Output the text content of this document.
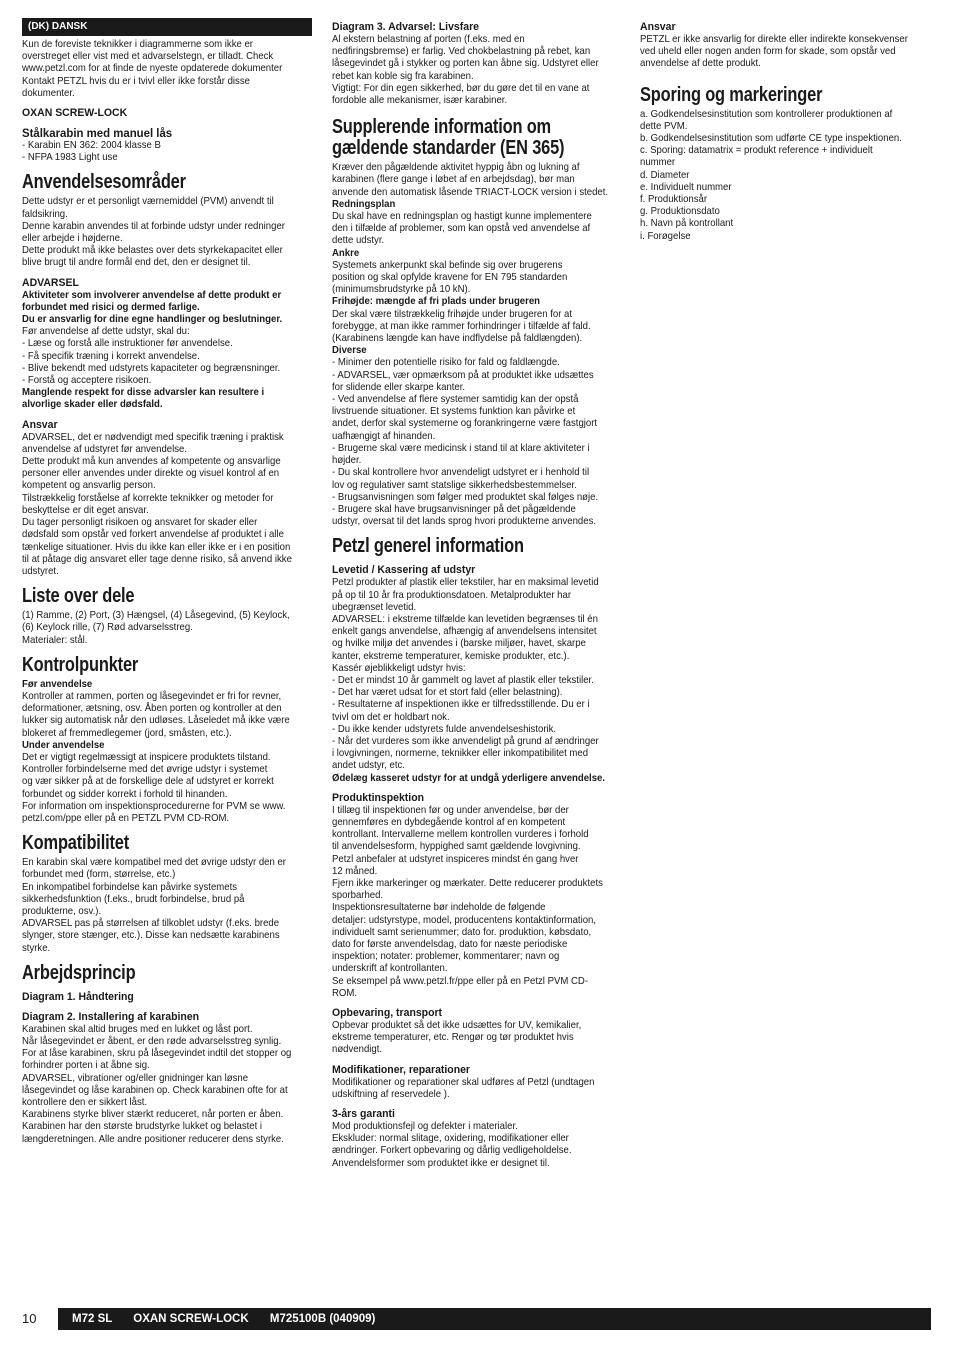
(DK) DANSK

Kun de foreviste teknikker i diagrammerne som ikke er
overstreget eller vist med et advarselstegn, er tilladt. Check
www.petzl.com for at finde de nyeste opdaterede dokumenter
Kontakt PETZL hvis du er i tvivl eller ikke forstår disse
dokumenter.

OXAN SCREW-LOCK
Stålkarabin med manuel lås

- Karabin EN 362: 2004 klasse B
- NFPA 1983 Light use

Anvendelsesområder

Dette udstyr er et personligt værnemiddel (PVM) anvendt til
faldsikring.
Denne karabin anvendes til at forbinde udstyr under redninger
eller arbejde i højderne.
Dette produkt må ikke belastes over dets styrkekapacitet eller
blive brugt til andre formål end det, den er designet til.

ADVARSEL

Aktiviteter som involverer anvendelse af dette produkt er
forbundet med risici og dermed farlige.
Du er ansvarlig for dine egne handlinger og beslutninger.

Før anvendelse af dette udstyr, skal du:
- Læse og forstå alle instruktioner før anvendelse.
- Få specifik træning i korrekt anvendelse.
- Blive bekendt med udstyrets kapaciteter og begrænsninger.
- Forstå og acceptere risikoen.

Manglende respekt for disse advarsler kan resultere i
alvorlige skader eller dødsfald.

Ansvar

ADVARSEL, det er nødvendigt med specifik træning i praktisk
anvendelse af udstyret før anvendelse.
Dette produkt må kun anvendes af kompetente og ansvarlige
personer eller anvendes under direkte og visuel kontrol af en
kompetent og ansvarlig person.
Tilstrækkelig forståelse af korrekte teknikker og metoder for
beskyttelse er dit eget ansvar.
Du tager personligt risikoen og ansvaret for skader eller
dødsfald som opstår ved forkert anvendelse af produktet i alle
tænkelige situationer. Hvis du ikke kan eller ikke er i en position
til at påtage dig ansvaret eller tage denne risiko, så anvend ikke
udstyret.

Liste over dele

(1) Ramme, (2) Port, (3) Hængsel, (4) Låsegevind, (5) Keylock,
(6) Keylock rille, (7) Rød advarselsstreg.
Materialer: stål.

Kontrolpunkter

Før anvendelse

Kontroller at rammen, porten og låsegevindet er fri for revner,
deformationer, ætsning, osv. Åben porten og kontroller at den
lukker sig automatisk når den udløses. Låseledet må ikke være
blokeret af fremmedlegemer (jord, småsten, etc.).

Under anvendelse

Det er vigtigt regelmæssigt at inspicere produktets tilstand.
Kontroller forbindelserne med det øvrige udstyr i systemet
og vær sikker på at de forskellige dele af udstyret er korrekt
forbundet og sidder korrekt i forhold til hinanden.
For information om inspektionsprocedurerne for PVM se www.
petzl.com/ppe eller på en PETZL PVM CD-ROM.

Kompatibilitet

En karabin skal være kompatibel med det øvrige udstyr den er
forbundet med (form, størrelse, etc.)
En inkompatibel forbindelse kan påvirke systemets
sikkerhedsfunktion (f.eks., brudt forbindelse, brud på
produkterne, osv.).
ADVARSEL pas på størrelsen af tilkoblet udstyr (f.eks. brede
slynger, store stænger, etc.). Disse kan nedsætte karabinens
styrke.

Arbejdsprincip
Diagram 1. Håndtering
Diagram 2. Installering af karabinen

Karabinen skal altid bruges med en lukket og låst port.
Når låsegevindet er åbent, er den røde advarselsstreg synlig.
For at låse karabinen, skru på låsegevindet indtil det stopper og
forhindrer porten i at åbne sig.
ADVARSEL, vibrationer og/eller gnidninger kan løsne
låsegevindet og låse karabinen op. Check karabinen ofte for at
kontrollere den er sikkert låst.
Karabinens styrke bliver stærkt reduceret, når porten er åben.
Karabinen har den største brudstyrke lukket og belastet i
længderetningen. Alle andre positioner reducerer dens styrke.

Diagram 3. Advarsel: Livsfare

Al ekstern belastning af porten (f.eks. med en
nedfiringsbremse) er farlig. Ved chokbelastning på rebet, kan
låsegevindet gå i stykker og porten kan åbne sig. Udstyret eller
rebet kan koble sig fra karabinen.
Vigtigt: For din egen sikkerhed, bør du gøre det til en vane at
fordoble alle mekanismer, især karabiner.

Supplerende information om
gældende standarder (EN 365)

Kræver den pågældende aktivitet hyppig åbn og lukning af
karabinen (flere gange i løbet af en arbejdsdag), bør man
anvende den automatisk låsende TRIACT-LOCK version i stedet.

Redningsplan

Du skal have en redningsplan og hastigt kunne implementere
den i tilfælde af problemer, som kan opstå ved anvendelse af
dette udstyr.

Ankre

Systemets ankerpunkt skal befinde sig over brugerens
position og skal opfylde kravene for EN 795 standarden
(minimumsbrudstyrke på 10 kN).

Frihøjde: mængde af fri plads under brugeren

Der skal være tilstrækkelig frihøjde under brugeren for at
forebygge, at man ikke rammer forhindringer i tilfælde af fald.
(Karabinens længde kan have indflydelse på faldlængden).

Diverse

- Minimer den potentielle risiko for fald og faldlængde.
- ADVARSEL, vær opmærksom på at produktet ikke udsættes
for slidende eller skarpe kanter.
- Ved anvendelse af flere systemer samtidig kan der opstå
livstruende situationer. Et systems funktion kan påvirke et
andet, derfor skal systemerne og forankringerne være fastgjort
uafhængigt af hinanden.
- Brugerne skal være medicinsk i stand til at klare aktiviteter i
højder.
- Du skal kontrollere hvor anvendeligt udstyret er i henhold til
lov og regulativer samt statslige sikkerhedsbestemmelser.
- Brugsanvisningen som følger med produktet skal følges nøje.
- Brugere skal have brugsanvisninger på det pågældende
udstyr, oversat til det lands sprog hvori produkterne anvendes.

Petzl generel information
Levetid / Kassering af udstyr

Petzl produkter af plastik eller tekstiler, har en maksimal levetid
på op til 10 år fra produktionsdatoen. Metalprodukter har
ubegrænset levetid.
ADVARSEL: i ekstreme tilfælde kan levetiden begrænses til én
enkelt gangs anvendelse, afhængig af anvendelsens intensitet
og hvilke miljø det anvendes i (barske miljøer, havet, skarpe
kanter, ekstreme temperaturer, kemiske produkter, etc.).
Kassér øjeblikkeligt udstyr hvis:
- Det er mindst 10 år gammelt og lavet af plastik eller tekstiler.
- Det har været udsat for et stort fald (eller belastning).
- Resultaterne af inspektionen ikke er tilfredsstillende. Du er i
tvivl om det er holdbart nok.
- Du ikke kender udstyrets fulde anvendelseshistorik.
- Når det vurderes som ikke anvendeligt på grund af ændringer
i lovgivningen, normerne, teknikker eller inkompatibilitet med
andet udstyr, etc.

Ødelæg kasseret udstyr for at undgå yderligere anvendelse.

Produktinspektion

I tillæg til inspektionen før og under anvendelse, bør der
gennemføres en dybdegående kontrol af en kompetent
kontrollant. Intervallerne mellem kontrollen vurderes i forhold
til anvendelsesform, hyppighed samt gældende lovgivning.
Petzl anbefaler at udstyret inspiceres mindst én gang hver
12 måned.
Fjern ikke markeringer og mærkater. Dette reducerer produktets
sporbarhed.
Inspektionsresultaterne bør indeholde de følgende
detaljer: udstyrstype, model, producentens kontaktinformation,
individuelt samt serienummer; dato for. produktion, købsdato,
dato for første anvendelsdag, dato for næste periodiske
inspektion; notater: problemer, kommentarer; navn og
underskrift af kontrollanten.
Se eksempel på www.petzl.fr/ppe eller på en Petzl PVM CD-
ROM.

Opbevaring, transport

Opbevar produktet så det ikke udsættes for UV, kemikalier,
ekstreme temperaturer, etc. Rengør og tør produktet hvis
nødvendigt.

Modifikationer, reparationer

Modifikationer og reparationer skal udføres af Petzl (undtagen
udskiftning af reservedele ).

3-års garanti

Mod produktionsfejl og defekter i materialer.
Ekskluder: normal slitage, oxidering, modifikationer eller
ændringer. Forkert opbevaring og dårlig vedligeholdelse.
Anvendelsformer som produktet ikke er designet til.

Ansvar

PETZL er ikke ansvarlig for direkte eller indirekte konsekvenser
ved uheld eller nogen anden form for skade, som opstår ved
anvendelse af dette produkt.

Sporing og markeringer

a. Godkendelsesinstitution som kontrollerer produktionen af
dette PVM.
b. Godkendelsesinstitution som udførte CE type inspektionen.
c. Sporing: datamatrix = produkt reference + individuelt
nummer
d. Diameter
e. Individuelt nummer
f. Produktionsår
g. Produktionsdato
h. Navn på kontrollant
i. Forøgelse

10	M72 SL OXAN SCREW-LOCK M725100B (040909)
